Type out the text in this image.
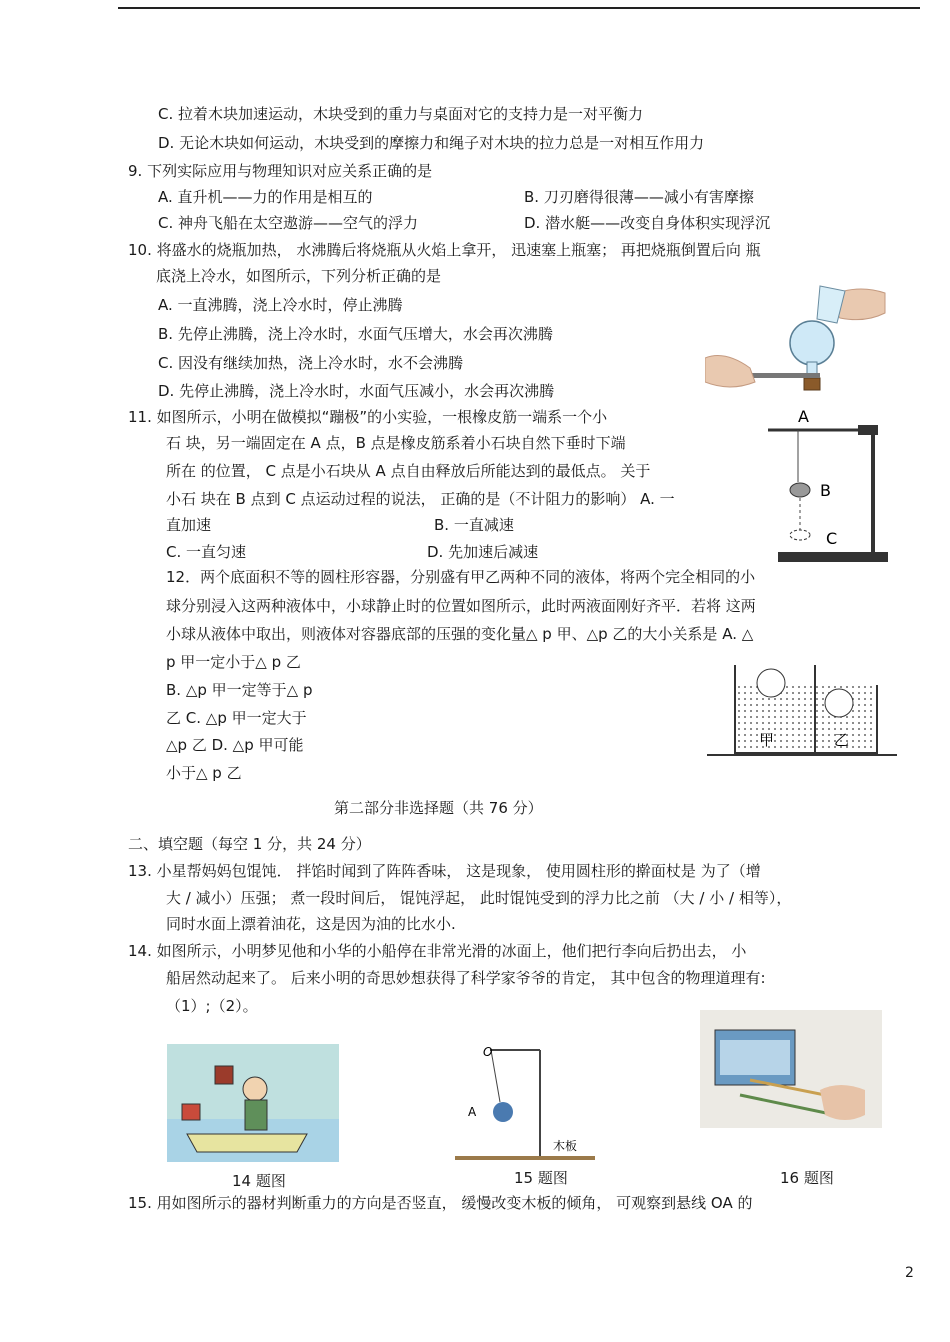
C. 拉着木块加速运动，木块受到的重力与桌面对它的支持力是一对平衡力
D. 无论木块如何运动，木块受到的摩擦力和绳子对木块的拉力总是一对相互作用力
9. 下列实际应用与物理知识对应关系正确的是
A. 直升机——力的作用是相互的	B. 刀刃磨得很薄——减小有害摩擦
C. 神舟飞船在太空遨游——空气的浮力	D. 潜水艇——改变自身体积实现浮沉
10. 将盛水的烧瓶加热， 水沸腾后将烧瓶从火焰上拿开， 迅速塞上瓶塞； 再把烧瓶倒置后向 瓶
底浇上冷水，如图所示，下列分析正确的是
A. 一直沸腾，浇上冷水时，停止沸腾
B. 先停止沸腾，浇上冷水时，水面气压增大，水会再次沸腾
C. 因没有继续加热，浇上冷水时，水不会沸腾
D. 先停止沸腾，浇上冷水时，水面气压减小，水会再次沸腾
11. 如图所示，小明在做模拟“蹦极”的小实验，一根橡皮筋一端系一个小
石 块，另一端固定在 A 点，B 点是橡皮筋系着小石块自然下垂时下端
所在 的位置， C 点是小石块从 A 点自由释放后所能达到的最低点。 关于
小石 块在 B 点到 C 点运动过程的说法， 正确的是（不计阻力的影响） A. 一
直加速	B. 一直减速
C. 一直匀速	D. 先加速后减速
12．两个底面积不等的圆柱形容器，分别盛有甲乙两种不同的液体，将两个完全相同的小
球分别浸入这两种液体中，小球静止时的位置如图所示，此时两液面刚好齐平．若将 这两
小球从液体中取出，则液体对容器底部的压强的变化量△ p 甲、△p 乙的大小关系是 A. △
p 甲一定小于△ p 乙
B. △p 甲一定等于△ p
乙 C. △p 甲一定大于
△p 乙 D. △p 甲可能
小于△ p 乙
第二部分非选择题（共 76 分）
二、填空题（每空 1 分，共 24 分）
13. 小星帮妈妈包馄饨． 拌馅时闻到了阵阵香味， 这是现象， 使用圆柱形的擀面杖是 为了（增
大 / 减小）压强； 煮一段时间后， 馄饨浮起， 此时馄饨受到的浮力比之前 （大 / 小 / 相等），
同时水面上漂着油花，这是因为油的比水小.
14. 如图所示，小明梦见他和小华的小船停在非常光滑的冰面上，他们把行李向后扔出去， 小
船居然动起来了。 后来小明的奇思妙想获得了科学家爷爷的肯定， 其中包含的物理道理有:
（1）;（2）。
15. 用如图所示的器材判断重力的方向是否竖直， 缓慢改变木板的倾角， 可观察到悬线 OA 的
A
B
C
甲	乙
O
A
木板
14 题图	15 题图	16 题图
2
